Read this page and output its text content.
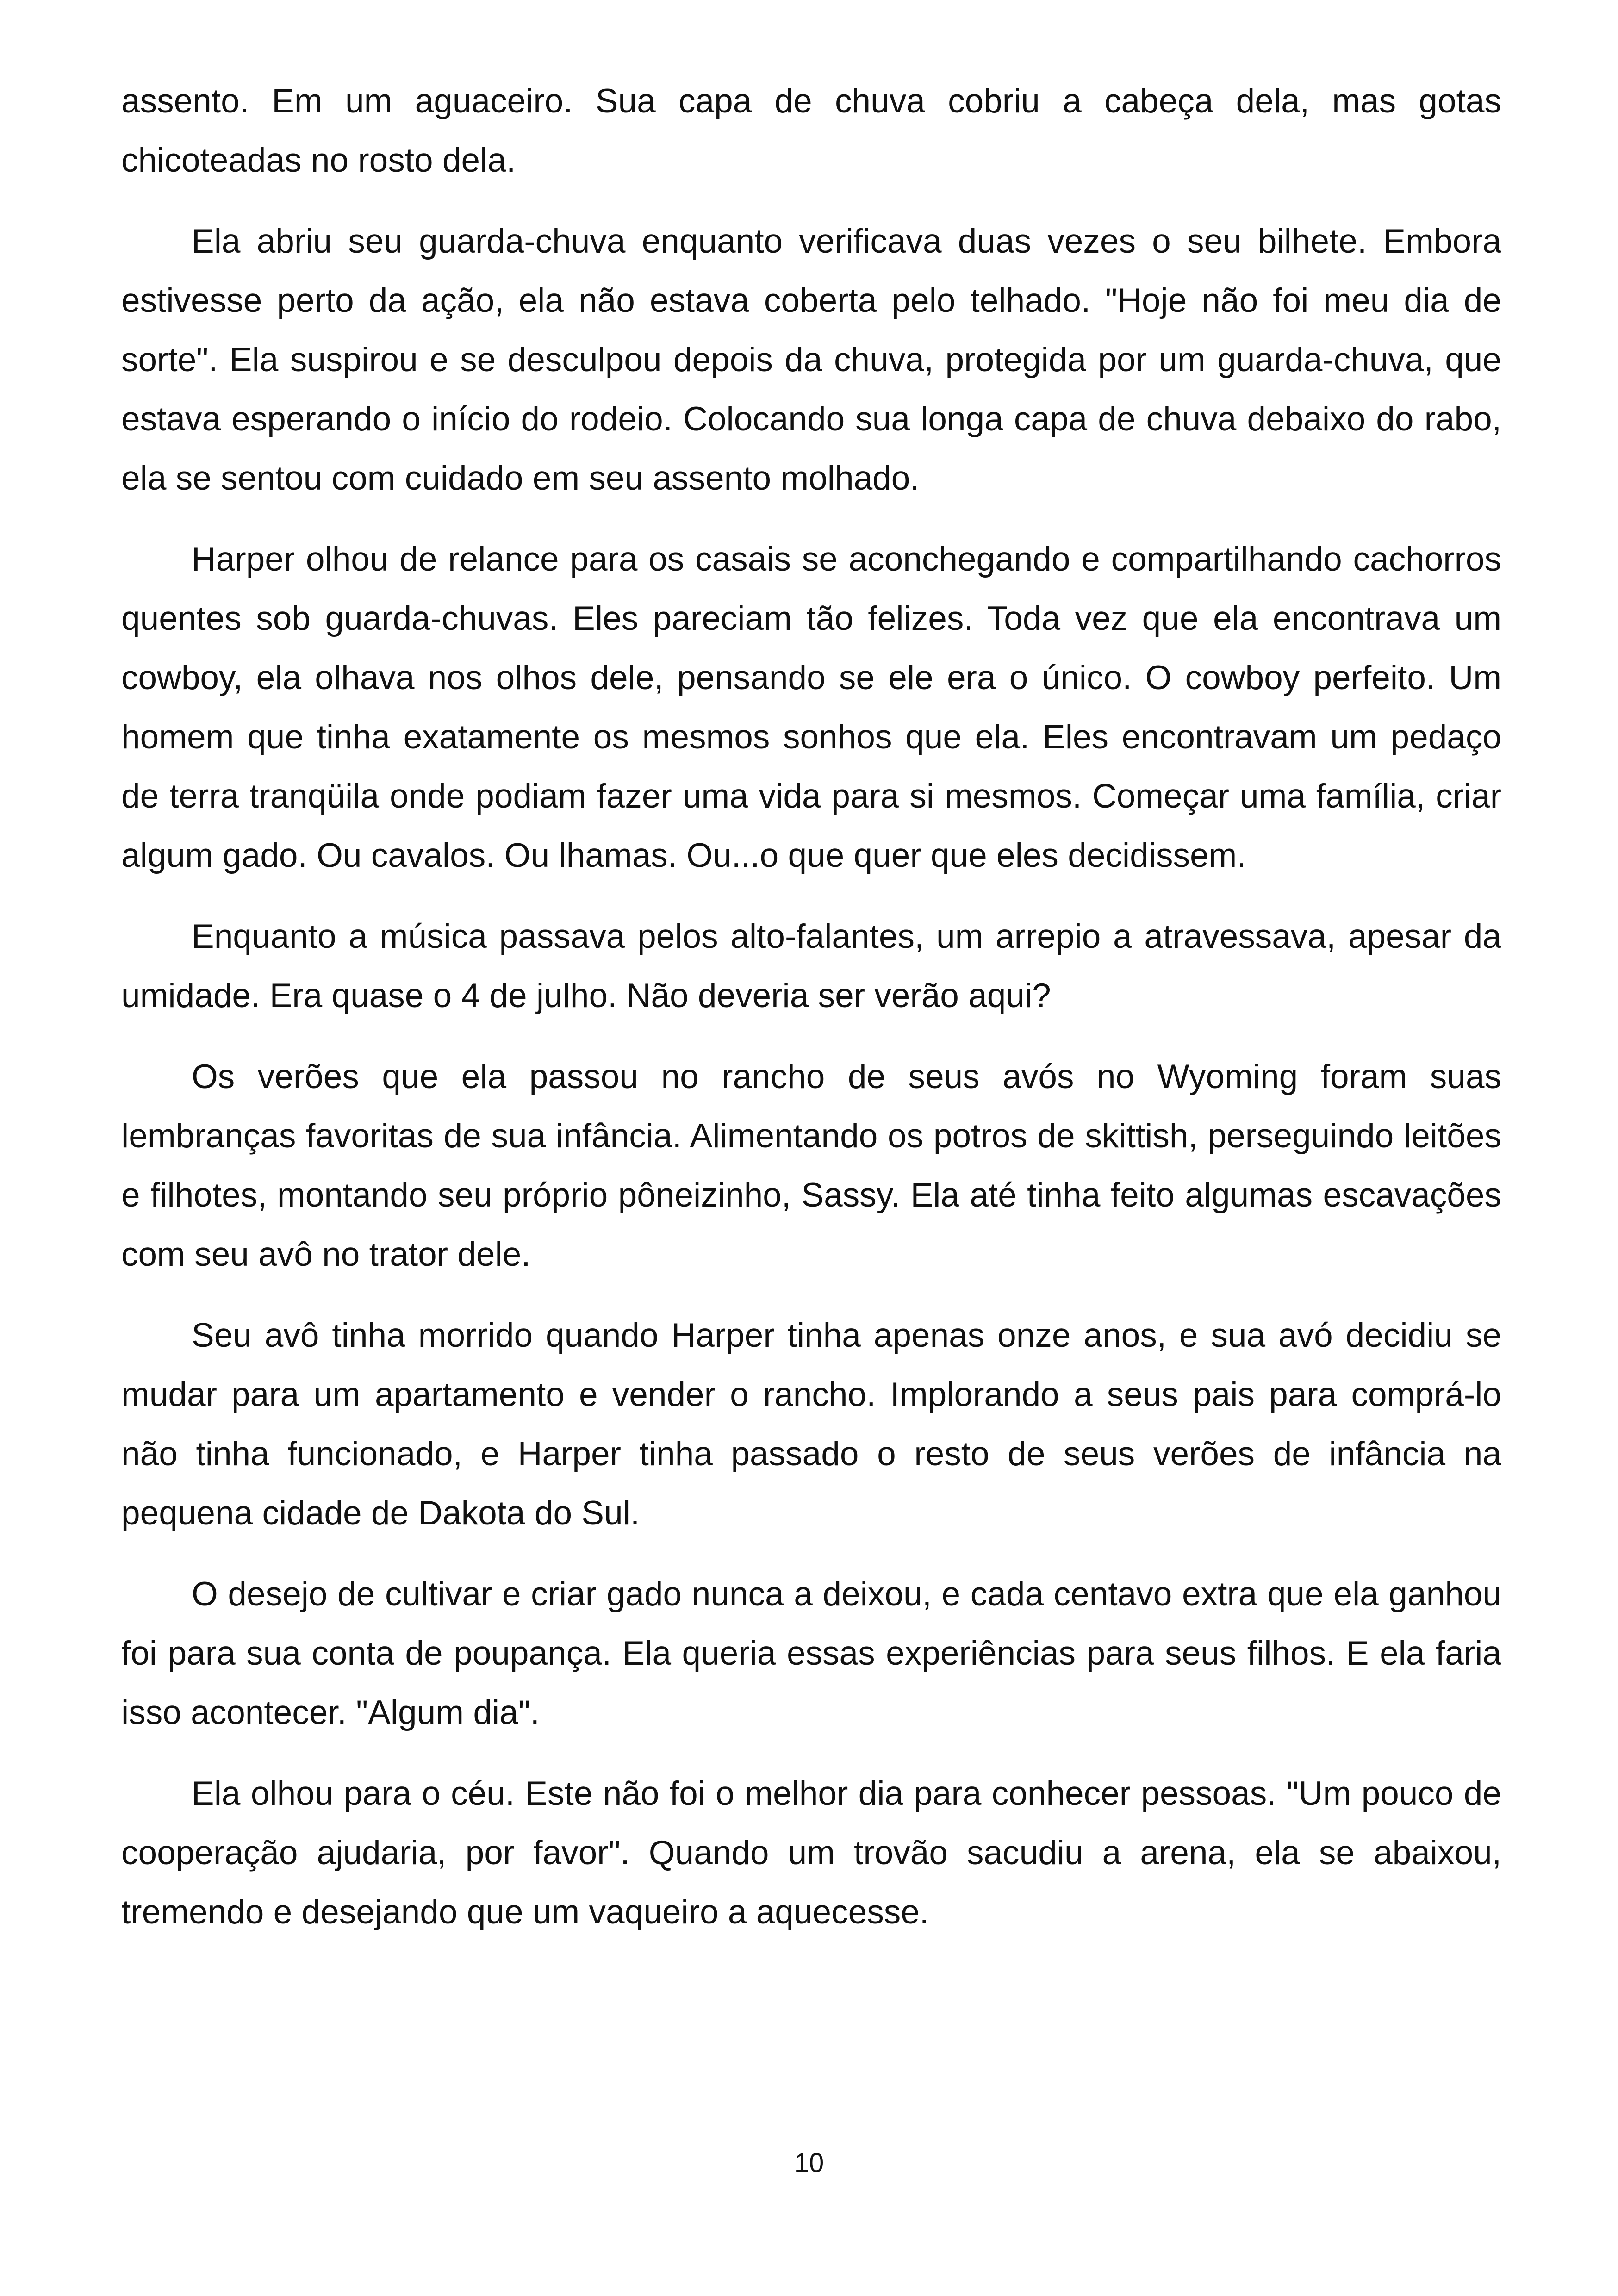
assento. Em um aguaceiro. Sua capa de chuva cobriu a cabeça dela, mas gotas chicoteadas no rosto dela.

Ela abriu seu guarda-chuva enquanto verificava duas vezes o seu bilhete. Embora estivesse perto da ação, ela não estava coberta pelo telhado. "Hoje não foi meu dia de sorte". Ela suspirou e se desculpou depois da chuva, protegida por um guarda-chuva, que estava esperando o início do rodeio. Colocando sua longa capa de chuva debaixo do rabo, ela se sentou com cuidado em seu assento molhado.

Harper olhou de relance para os casais se aconchegando e compartilhando cachorros quentes sob guarda-chuvas. Eles pareciam tão felizes. Toda vez que ela encontrava um cowboy, ela olhava nos olhos dele, pensando se ele era o único. O cowboy perfeito. Um homem que tinha exatamente os mesmos sonhos que ela. Eles encontravam um pedaço de terra tranqüila onde podiam fazer uma vida para si mesmos. Começar uma família, criar algum gado. Ou cavalos. Ou lhamas. Ou...o que quer que eles decidissem.

Enquanto a música passava pelos alto-falantes, um arrepio a atravessava, apesar da umidade. Era quase o 4 de julho. Não deveria ser verão aqui?

Os verões que ela passou no rancho de seus avós no Wyoming foram suas lembranças favoritas de sua infância. Alimentando os potros de skittish, perseguindo leitões e filhotes, montando seu próprio pôneizinho, Sassy. Ela até tinha feito algumas escavações com seu avô no trator dele.

Seu avô tinha morrido quando Harper tinha apenas onze anos, e sua avó decidiu se mudar para um apartamento e vender o rancho. Implorando a seus pais para comprá-lo não tinha funcionado, e Harper tinha passado o resto de seus verões de infância na pequena cidade de Dakota do Sul.

O desejo de cultivar e criar gado nunca a deixou, e cada centavo extra que ela ganhou foi para sua conta de poupança. Ela queria essas experiências para seus filhos. E ela faria isso acontecer. "Algum dia".

Ela olhou para o céu. Este não foi o melhor dia para conhecer pessoas. "Um pouco de cooperação ajudaria, por favor". Quando um trovão sacudiu a arena, ela se abaixou, tremendo e desejando que um vaqueiro a aquecesse.

10
